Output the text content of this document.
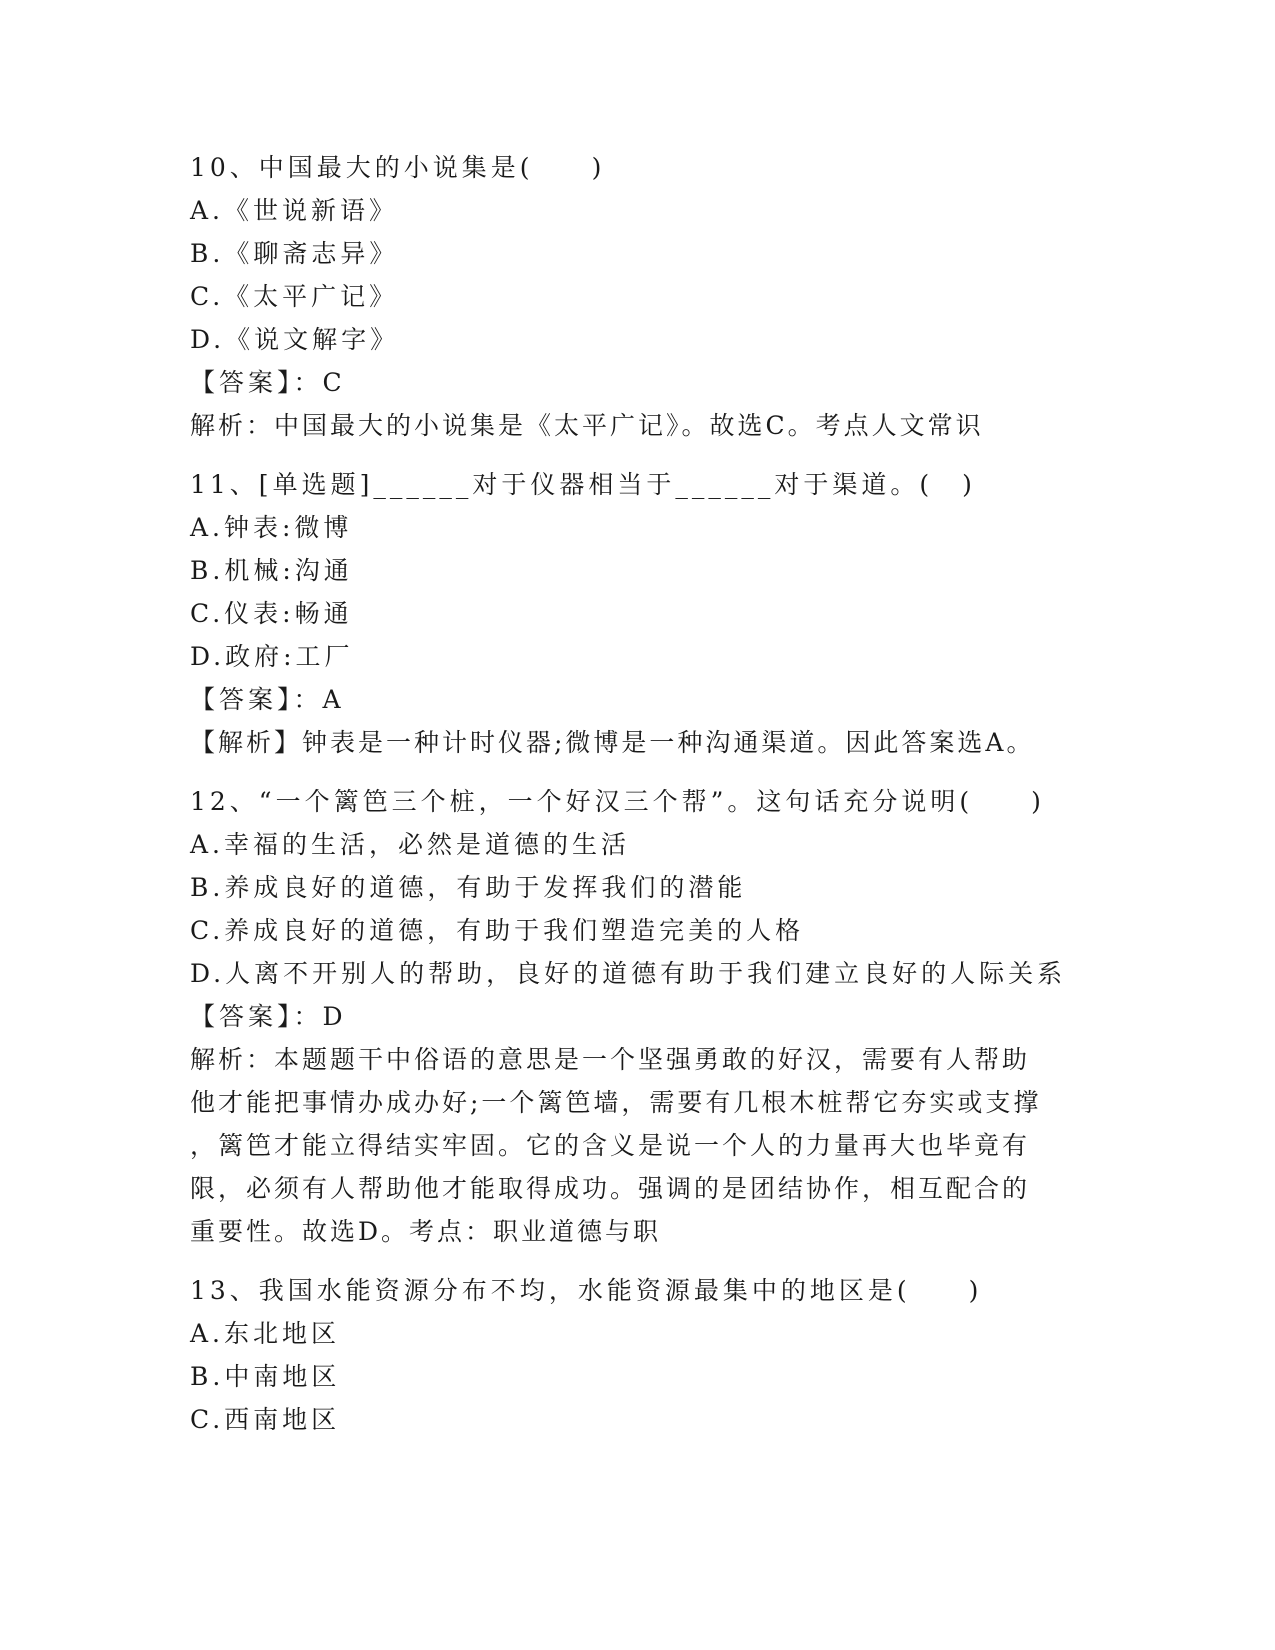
10、中国最大的小说集是(　　)
A.《世说新语》
B.《聊斋志异》
C.《太平广记》
D.《说文解字》
【答案】：C
解析：中国最大的小说集是《太平广记》。故选C。考点人文常识
11、[单选题]______对于仪器相当于______对于渠道。(　)
A.钟表:微博
B.机械:沟通
C.仪表:畅通
D.政府:工厂
【答案】：A
【解析】钟表是一种计时仪器;微博是一种沟通渠道。因此答案选A。
12、“一个篱笆三个桩，一个好汉三个帮”。这句话充分说明(　　)
A.幸福的生活，必然是道德的生活
B.养成良好的道德，有助于发挥我们的潜能
C.养成良好的道德，有助于我们塑造完美的人格
D.人离不开别人的帮助，良好的道德有助于我们建立良好的人际关系
【答案】：D
解析：本题题干中俗语的意思是一个坚强勇敢的好汉，需要有人帮助
他才能把事情办成办好;一个篱笆墙，需要有几根木桩帮它夯实或支撑
，篱笆才能立得结实牢固。它的含义是说一个人的力量再大也毕竟有
限，必须有人帮助他才能取得成功。强调的是团结协作，相互配合的
重要性。故选D。考点：职业道德与职
13、我国水能资源分布不均，水能资源最集中的地区是(　　)
A.东北地区
B.中南地区
C.西南地区
